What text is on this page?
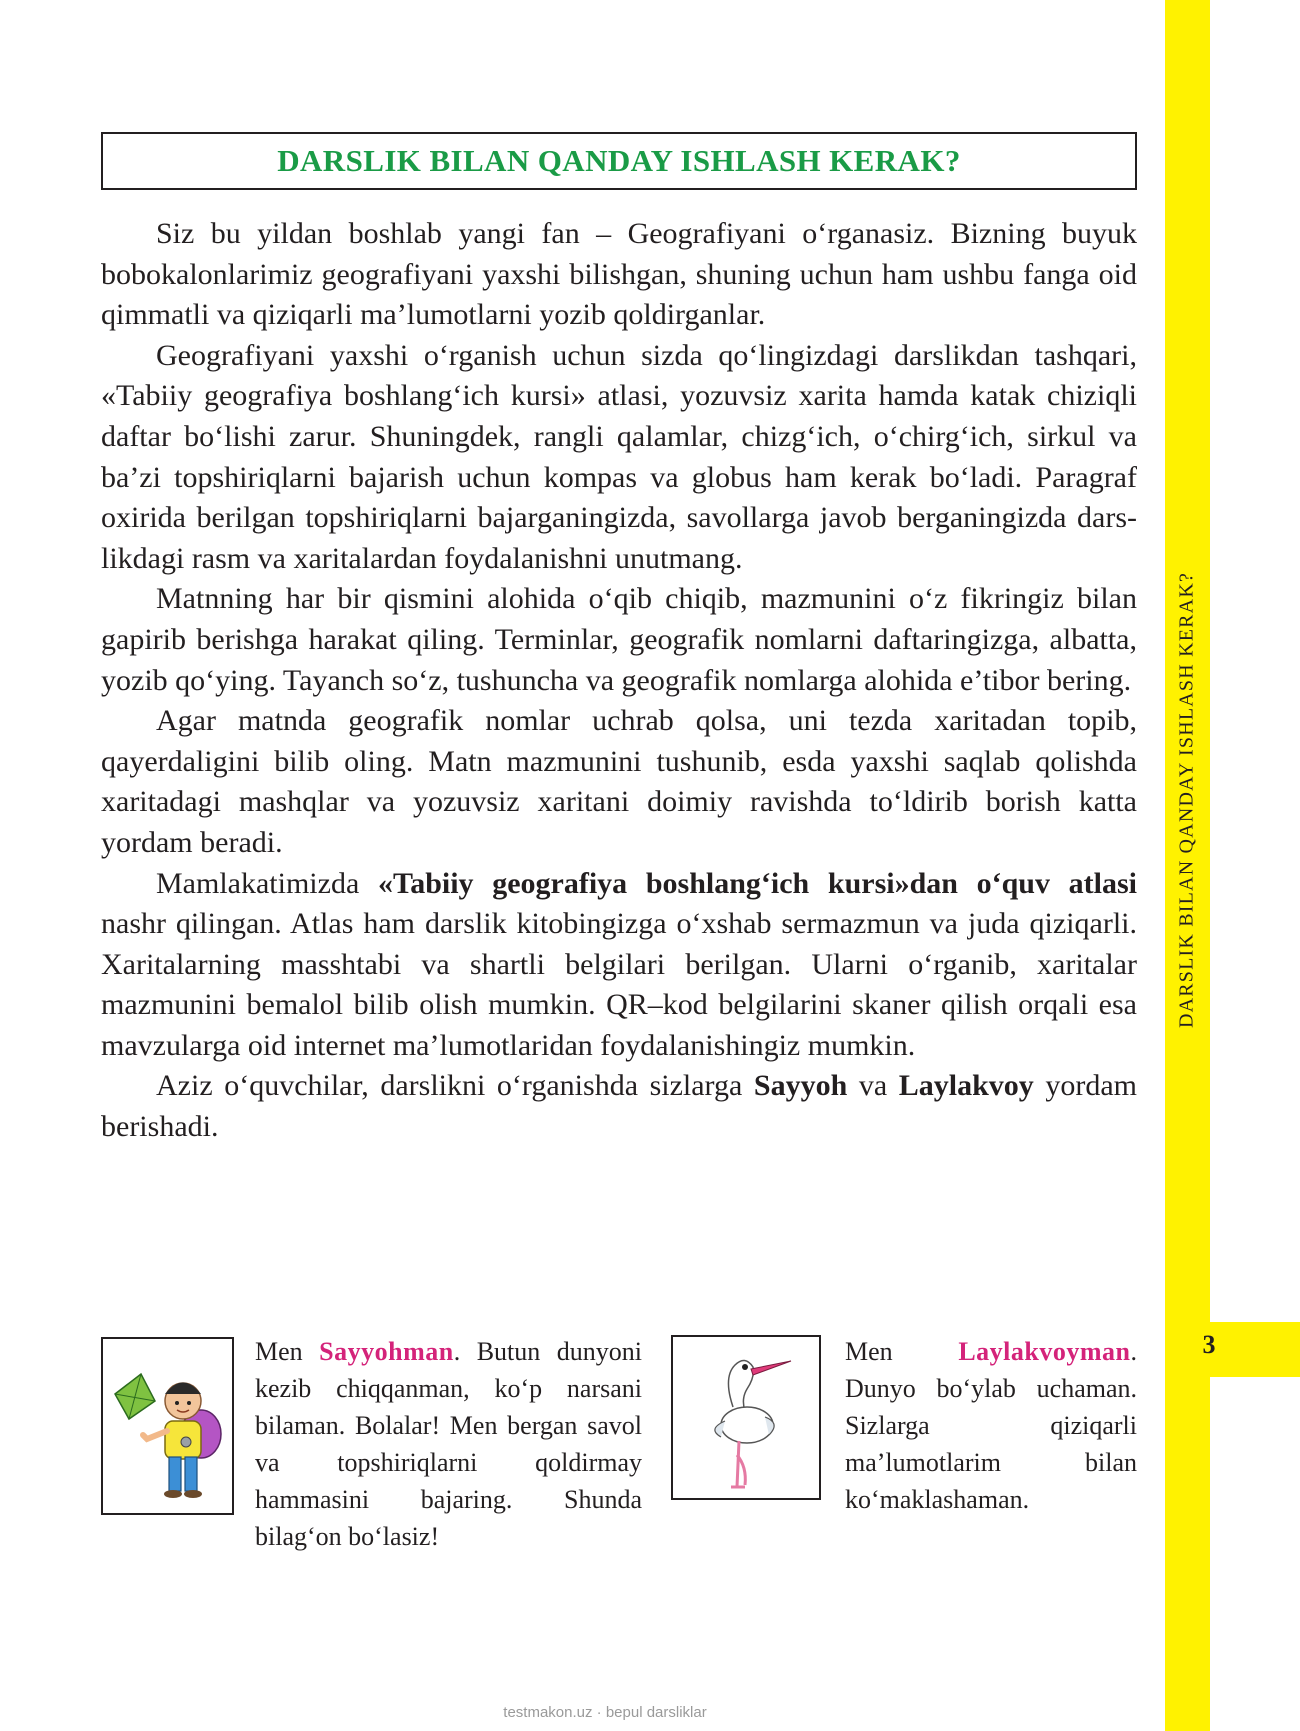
DARSLIK BILAN QANDAY ISHLASH KERAK?
3
DARSLIK BILAN QANDAY ISHLASH KERAK?

Siz bu yildan boshlab yangi fan – Geografiyani o‘rganasiz. Bizning buyuk bobokalonlarimiz geografiyani yaxshi bilishgan, shuning uchun ham ushbu fanga oid qimmatli va qiziqarli ma’lumotlarni yozib qoldirganlar.

Geografiyani yaxshi o‘rganish uchun sizda qo‘lingizdagi darslikdan tashqari, «Tabiiy geografiya boshlang‘ich kursi» atlasi, yozuvsiz xarita hamda katak chiziqli daftar bo‘lishi zarur. Shuningdek, rangli qalamlar, chizg‘ich, o‘chirg‘ich, sirkul va ba’zi topshiriqlarni bajarish uchun kompas va globus ham kerak bo‘ladi. Paragraf oxirida berilgan topshiriqlarni bajarganingizda, savollarga javob berganingizda darslikdagi rasm va xaritalardan foydalanishni unutmang.

Matnning har bir qismini alohida o‘qib chiqib, mazmunini o‘z fikringiz bilan gapirib berishga harakat qiling. Terminlar, geografik nomlarni daftaringizga, albatta, yozib qo‘ying. Tayanch so‘z, tushuncha va geografik nomlarga alohida e’tibor bering.

Agar matnda geografik nomlar uchrab qolsa, uni tezda xaritadan topib, qayerdaligini bilib oling. Matn mazmunini tushunib, esda yaxshi saqlab qolishda xaritadagi mashqlar va yozuvsiz xaritani doimiy ravishda to‘ldirib borish katta yordam beradi.

Mamlakatimizda «Tabiiy geografiya boshlang‘ich kursi»dan o‘quv atlasi nashr qilingan. Atlas ham darslik kitobingizga o‘xshab sermazmun va juda qiziqarli. Xaritalarning masshtabi va shartli belgilari berilgan. Ularni o‘rganib, xaritalar mazmunini bemalol bilib olish mumkin. QR–kod belgilarini skaner qilish orqali esa mavzularga oid internet ma’lumotlaridan foydalanishingiz mumkin.

Aziz o‘quvchilar, darslikni o‘rganishda sizlarga Sayyoh va Laylakvoy yordam berishadi.

Men Sayyohman. Butun dunyoni kezib chiqqanman, ko‘p narsani bilaman. Bolalar! Men bergan savol va topshiriqlarni qoldirmay hammasini bajaring. Shunda bilag‘on bo‘lasiz!
Men Laylakvoyman. Dunyo bo‘ylab uchaman. Sizlarga qiziqarli ma’lumotlarim bilan ko‘maklashaman.
testmakon.uz · bepul darsliklar
